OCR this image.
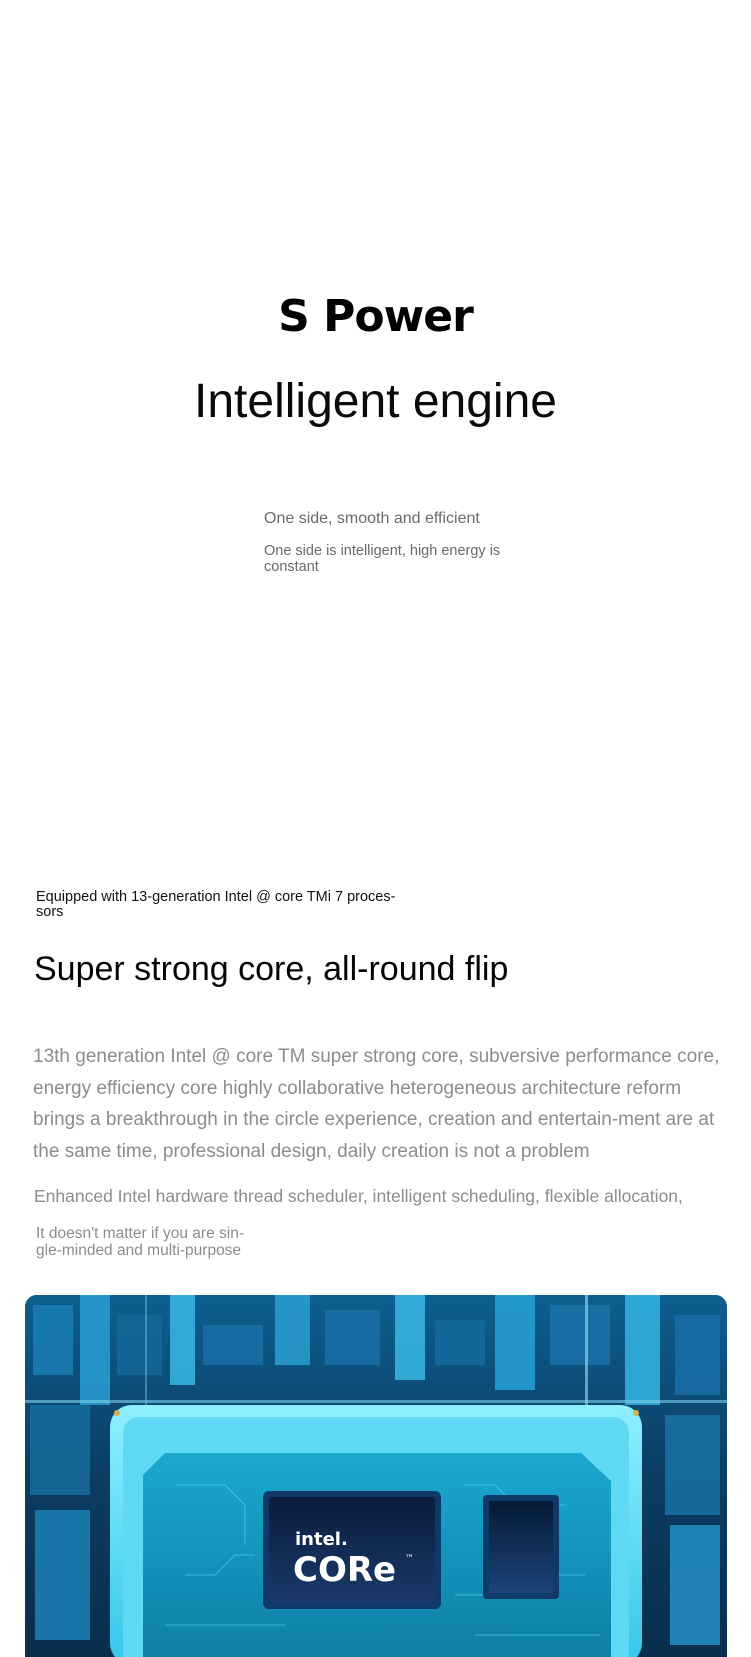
S Power
Intelligent engine
One side, smooth and efficient
One side is intelligent, high energy is constant
Equipped with 13-generation Intel @ core TMi 7 proces-sors
Super strong core, all-round flip
13th generation Intel @ core TM super strong core, subversive performance core, energy efficiency core highly collaborative heterogeneous architecture reform brings a breakthrough in the circle experience, creation and entertain-ment are at the same time, professional design, daily creation is not a problem
Enhanced Intel hardware thread scheduler, intelligent scheduling, flexible allocation,
It doesn't matter if you are sin-gle-minded and multi-purpose
intel.
CORe ™
